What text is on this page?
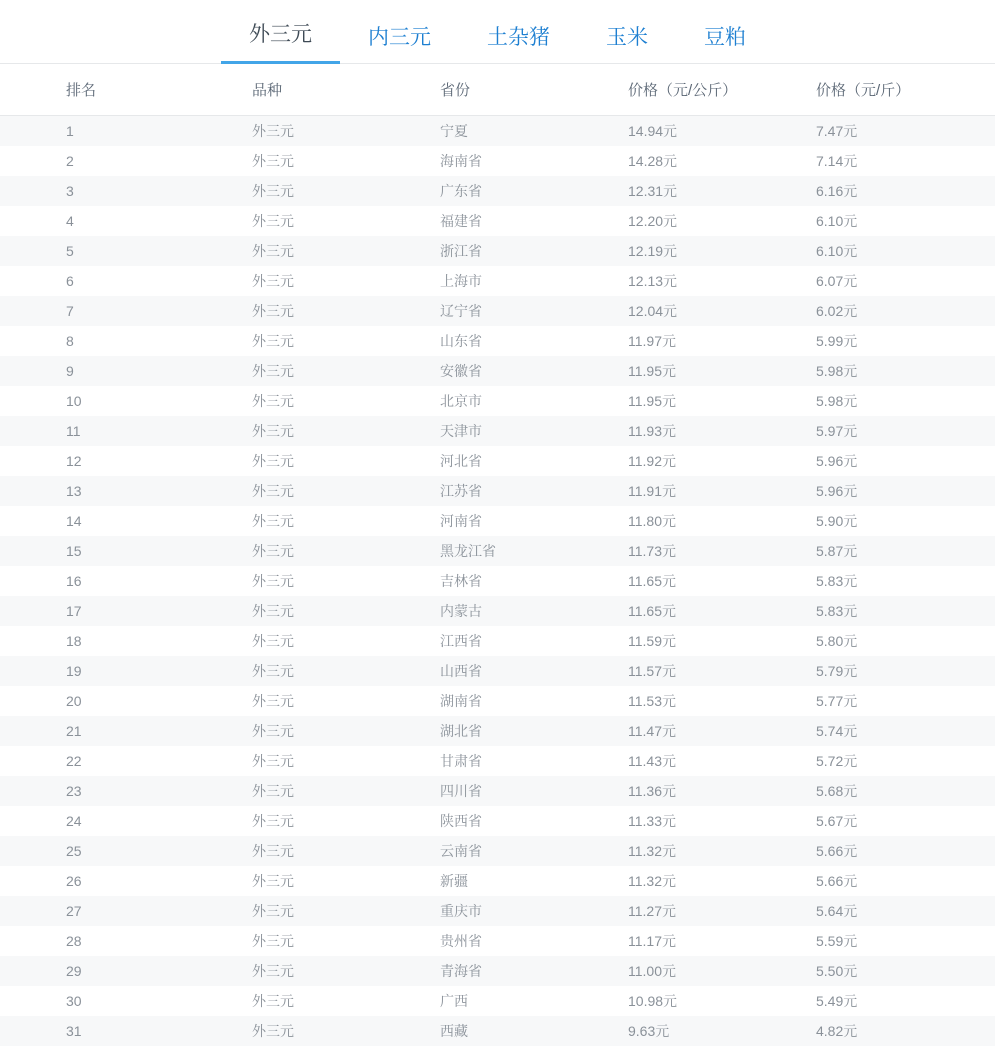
外三元	内三元	土杂猪	玉米	豆粕
排名	品种	省份	价格（元/公斤）	价格（元/斤）
1	外三元	宁夏	14.94元	7.47元
2	外三元	海南省	14.28元	7.14元
3	外三元	广东省	12.31元	6.16元
4	外三元	福建省	12.20元	6.10元
5	外三元	浙江省	12.19元	6.10元
6	外三元	上海市	12.13元	6.07元
7	外三元	辽宁省	12.04元	6.02元
8	外三元	山东省	11.97元	5.99元
9	外三元	安徽省	11.95元	5.98元
10	外三元	北京市	11.95元	5.98元
11	外三元	天津市	11.93元	5.97元
12	外三元	河北省	11.92元	5.96元
13	外三元	江苏省	11.91元	5.96元
14	外三元	河南省	11.80元	5.90元
15	外三元	黑龙江省	11.73元	5.87元
16	外三元	吉林省	11.65元	5.83元
17	外三元	内蒙古	11.65元	5.83元
18	外三元	江西省	11.59元	5.80元
19	外三元	山西省	11.57元	5.79元
20	外三元	湖南省	11.53元	5.77元
21	外三元	湖北省	11.47元	5.74元
22	外三元	甘肃省	11.43元	5.72元
23	外三元	四川省	11.36元	5.68元
24	外三元	陕西省	11.33元	5.67元
25	外三元	云南省	11.32元	5.66元
26	外三元	新疆	11.32元	5.66元
27	外三元	重庆市	11.27元	5.64元
28	外三元	贵州省	11.17元	5.59元
29	外三元	青海省	11.00元	5.50元
30	外三元	广西	10.98元	5.49元
31	外三元	西藏	9.63元	4.82元
